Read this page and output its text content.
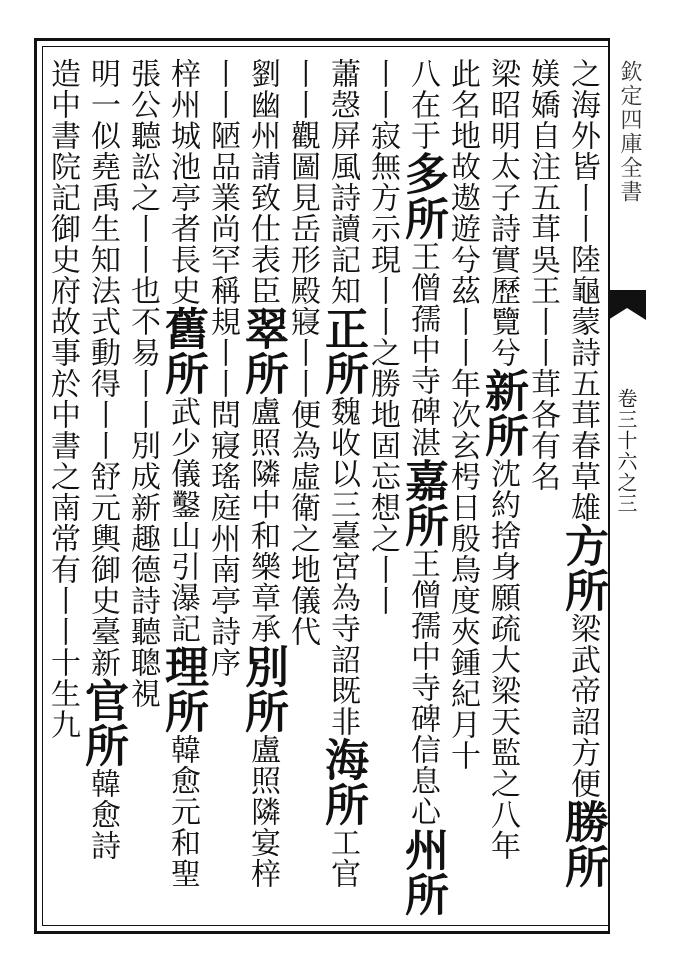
欽定四庫全書
卷三十六之三
之海外皆丨丨陸龜蒙詩五茸春草雄方所梁武帝詔方便勝所
媄嬌自注五茸吳王丨丨茸各有名
梁昭明太子詩實歷覽兮新所沈約捨身願疏大梁天監之八年
此名地故遨遊兮茲丨丨年次玄枵日殷鳥度夾鍾紀月十
八在于多所王僧孺中寺碑湛嘉所王僧孺中寺碑信息心州所
丨丨寂無方示現丨丨之勝地固忘想之丨丨
蕭愨屏風詩讀記知正所魏收以三臺宮為寺詔既非海所工官
丨丨觀圖見岳形殿寢丨丨便為虛衛之地儀代
劉幽州請致仕表臣翠所盧照隣中和樂章承別所盧照隣宴梓
丨丨陋品業尚罕稱規丨丨問寢瑤庭州南亭詩序
梓州城池亭者長史舊所武少儀鑿山引瀑記理所韓愈元和聖
張公聽訟之丨丨也不易丨丨別成新趣德詩聽聰視
明一似堯禹生知法式動得丨丨舒元輿御史臺新官所韓愈詩
造中書院記御史府故事於中書之南常有丨丨十生九
